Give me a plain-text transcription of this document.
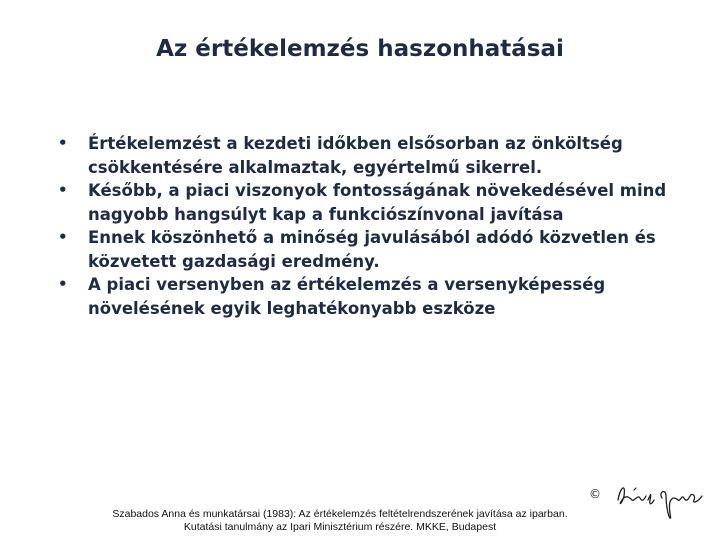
Az értékelemzés haszonhatásai
• Értékelemzést a kezdeti időkben elsősorban az önköltség csökkentésére alkalmaztak, egyértelmű sikerrel.
• Később, a piaci viszonyok fontosságának növekedésével mind nagyobb hangsúlyt kap a funkciószínvonal javítása
• Ennek köszönhető a minőség javulásából adódó közvetlen és közvetett gazdasági eredmény.
• A piaci versenyben az értékelemzés a versenyképesség növelésének egyik leghatékonyabb eszköze
©
Szabados Anna és munkatársai (1983): Az értékelemzés feltételrendszerének javítása az iparban.
Kutatási tanulmány az Ipari Minisztérium részére. MKKE, Budapest
